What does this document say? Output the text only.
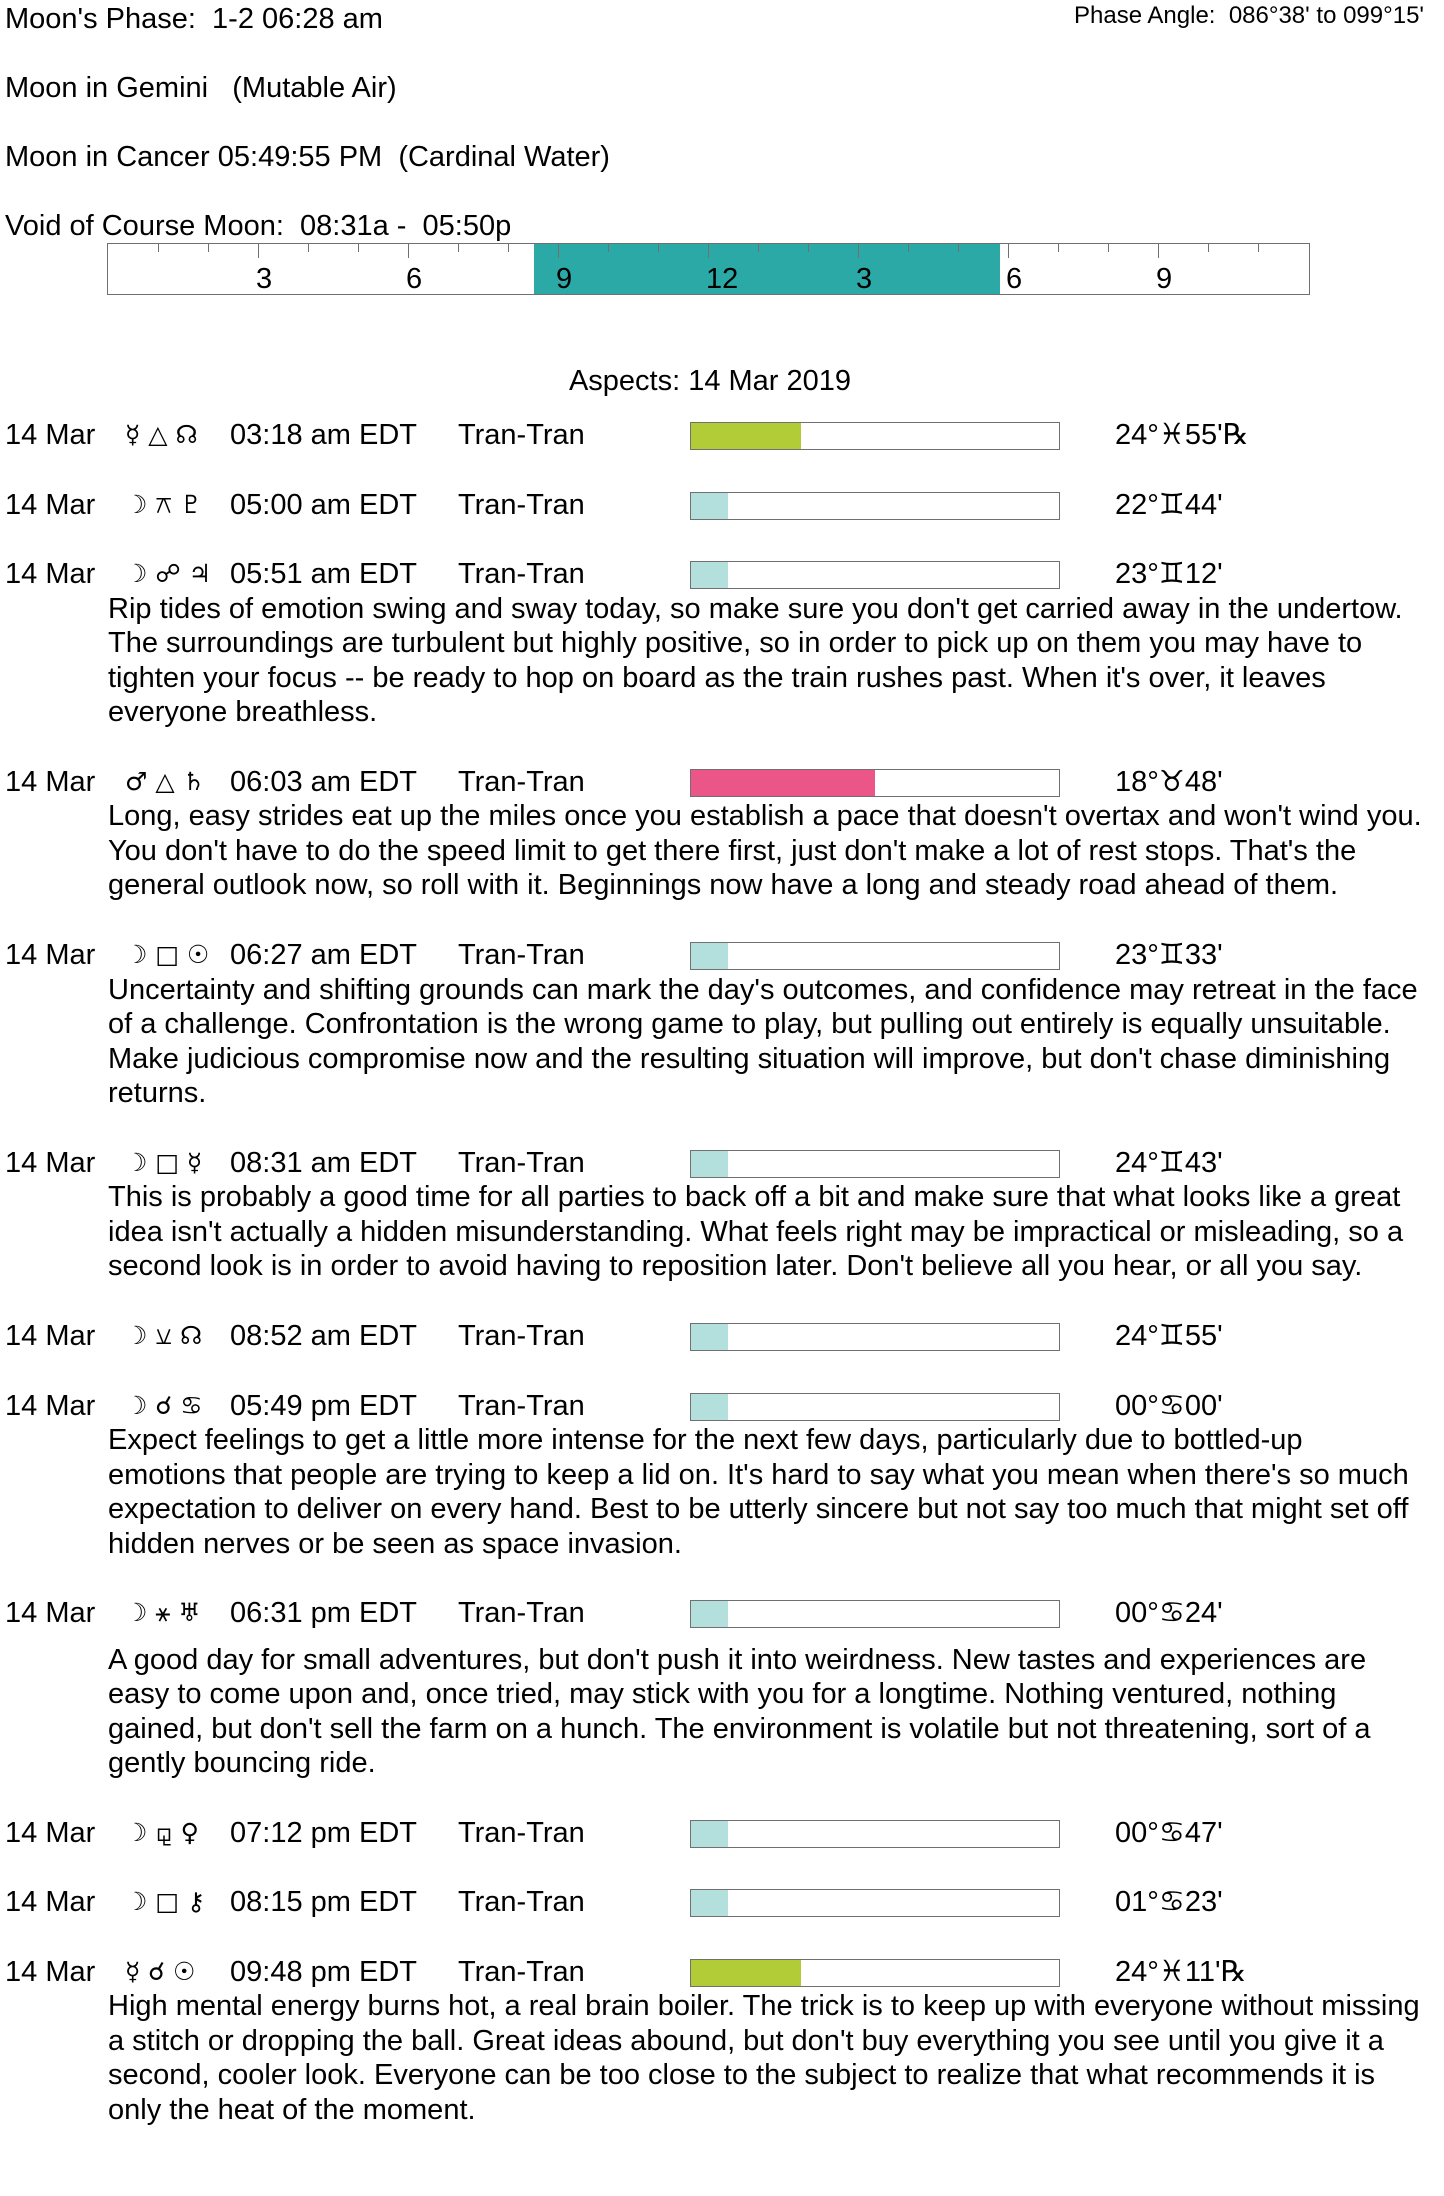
Moon's Phase:  1-2 06:28 am	Phase Angle:  086°38' to 099°15'
Moon in Gemini   (Mutable Air)
Moon in Cancer 05:49:55 PM  (Cardinal Water)
Void of Course Moon:  08:31a -  05:50p
3	6	9	12	3	6	9
Aspects: 14 Mar 2019
14 Mar ☿ △ ☊ 03:18 am EDT Tran-Tran	24°♓55'℞
14 Mar ☽ ⚻ ♇ 05:00 am EDT Tran-Tran	22°♊44'
14 Mar ☽ ☍ ♃ 05:51 am EDT Tran-Tran	23°♊12'
Rip tides of emotion swing and sway today, so make sure you don't get carried away in the undertow. The surroundings are turbulent but highly positive, so in order to pick up on them you may have to tighten your focus -- be ready to hop on board as the train rushes past. When it's over, it leaves everyone breathless.
14 Mar ♂ △ ♄ 06:03 am EDT Tran-Tran	18°♉48'
Long, easy strides eat up the miles once you establish a pace that doesn't overtax and won't wind you. You don't have to do the speed limit to get there first, just don't make a lot of rest stops. That's the general outlook now, so roll with it. Beginnings now have a long and steady road ahead of them.
14 Mar ☽ □ ☉ 06:27 am EDT Tran-Tran	23°♊33'
Uncertainty and shifting grounds can mark the day's outcomes, and confidence may retreat in the face of a challenge. Confrontation is the wrong game to play, but pulling out entirely is equally unsuitable. Make judicious compromise now and the resulting situation will improve, but don't chase diminishing returns.
14 Mar ☽ □ ☿ 08:31 am EDT Tran-Tran	24°♊43'
This is probably a good time for all parties to back off a bit and make sure that what looks like a great idea isn't actually a hidden misunderstanding. What feels right may be impractical or misleading, so a second look is in order to avoid having to reposition later. Don't believe all you hear, or all you say.
14 Mar ☽ ⚺ ☊ 08:52 am EDT Tran-Tran	24°♊55'
14 Mar ☽ ☌ ♋ 05:49 pm EDT Tran-Tran	00°♋00'
Expect feelings to get a little more intense for the next few days, particularly due to bottled-up emotions that people are trying to keep a lid on. It's hard to say what you mean when there's so much expectation to deliver on every hand. Best to be utterly sincere but not say too much that might set off hidden nerves or be seen as space invasion.
14 Mar ☽ ⚹ ♅ 06:31 pm EDT Tran-Tran	00°♋24'
A good day for small adventures, but don't push it into weirdness. New tastes and experiences are easy to come upon and, once tried, may stick with you for a longtime. Nothing ventured, nothing gained, but don't sell the farm on a hunch. The environment is volatile but not threatening, sort of a gently bouncing ride.
14 Mar ☽ ⚼ ♀ 07:12 pm EDT Tran-Tran	00°♋47'
14 Mar ☽ □ ⚷ 08:15 pm EDT Tran-Tran	01°♋23'
14 Mar ☿ ☌ ☉ 09:48 pm EDT Tran-Tran	24°♓11'℞
High mental energy burns hot, a real brain boiler. The trick is to keep up with everyone without missing a stitch or dropping the ball. Great ideas abound, but don't buy everything you see until you give it a second, cooler look. Everyone can be too close to the subject to realize that what recommends it is only the heat of the moment.
